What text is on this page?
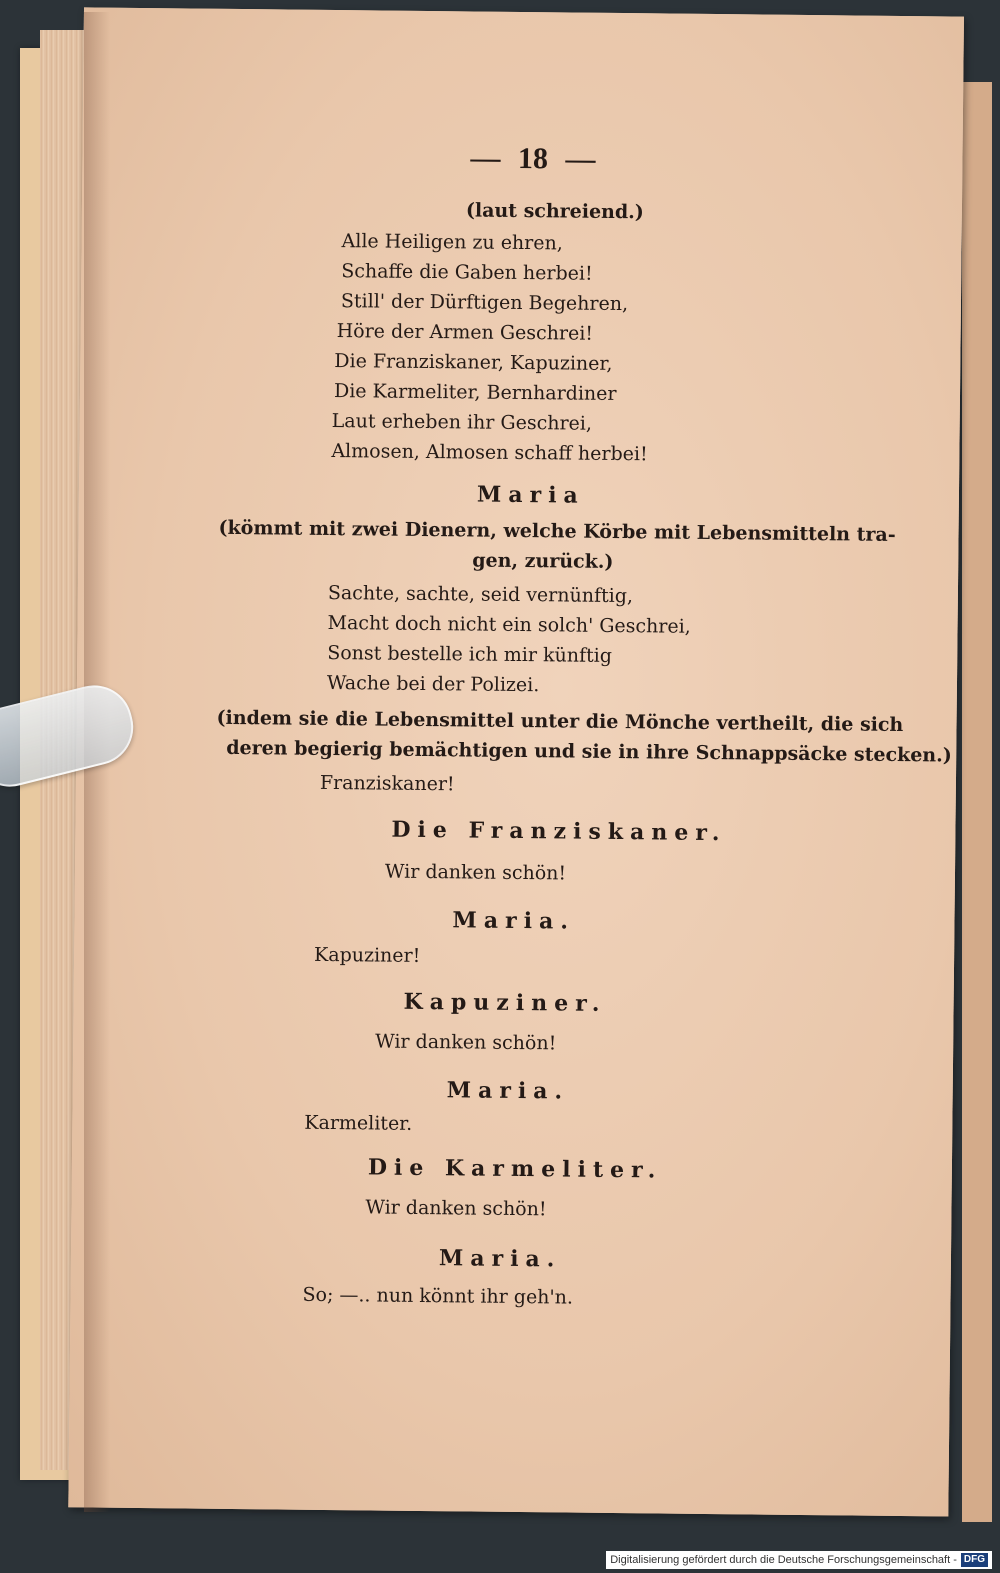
— 18 —
(laut schreiend.)
Alle Heiligen zu ehren,
Schaffe die Gaben herbei!
Still' der Dürftigen Begehren,
Höre der Armen Geschrei!
Die Franziskaner, Kapuziner,
Die Karmeliter, Bernhardiner
Laut erheben ihr Geschrei,
Almosen, Almosen schaff herbei!
Maria
(kömmt mit zwei Dienern, welche Körbe mit Lebensmitteln tra-
gen, zurück.)
Sachte, sachte, seid vernünftig,
Macht doch nicht ein solch' Geschrei,
Sonst bestelle ich mir künftig
Wache bei der Polizei.
(indem sie die Lebensmittel unter die Mönche vertheilt, die sich
deren begierig bemächtigen und sie in ihre Schnappsäcke stecken.)
Franziskaner!
Die Franziskaner.
Wir danken schön!
Maria.
Kapuziner!
Kapuziner.
Wir danken schön!
Maria.
Karmeliter.
Die Karmeliter.
Wir danken schön!
Maria.
So; —.. nun könnt ihr geh'n.
Digitalisierung gefördert durch die Deutsche Forschungsgemeinschaft - DFG
